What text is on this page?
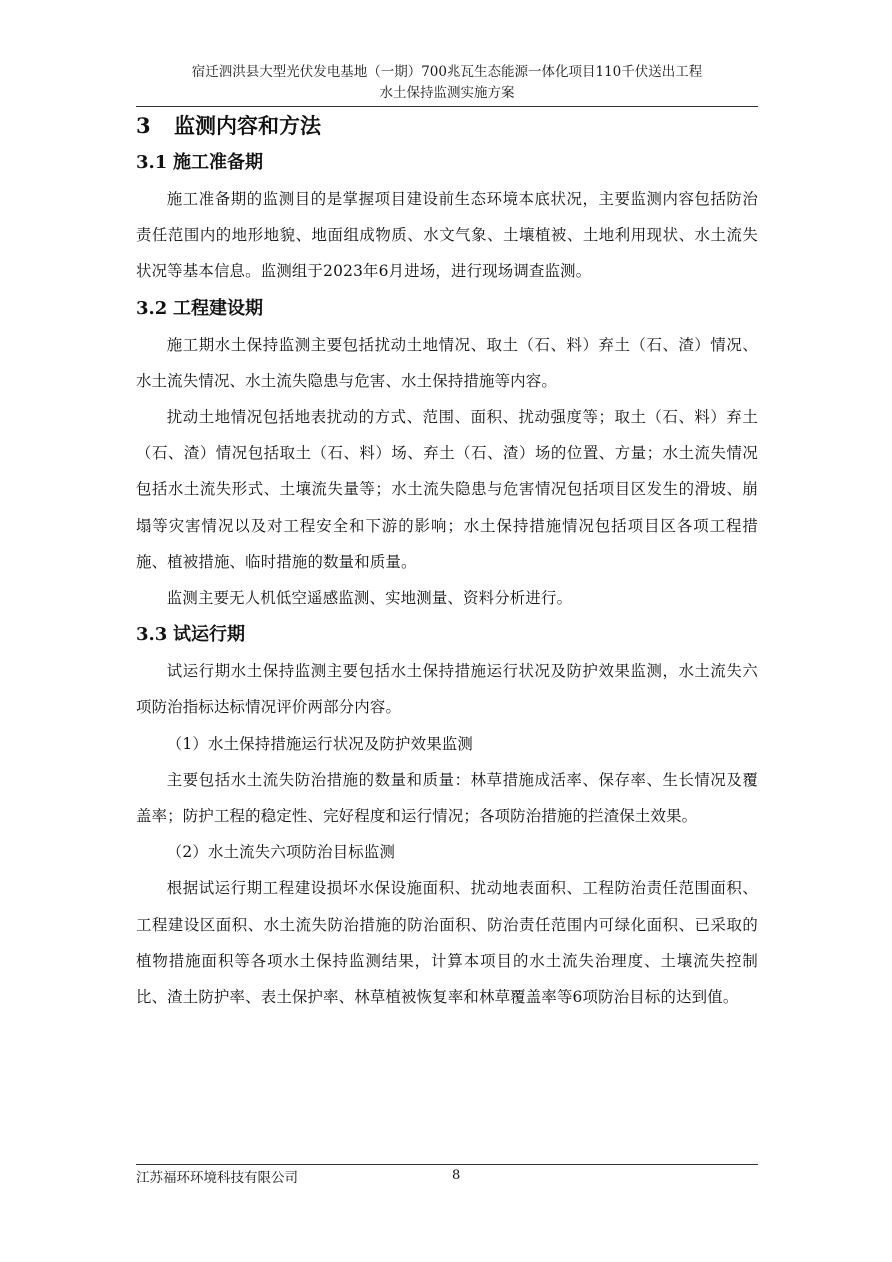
宿迁泗洪县大型光伏发电基地（一期）700兆瓦生态能源一体化项目110千伏送出工程
水土保持监测实施方案
3 监测内容和方法
3.1 施工准备期

施工准备期的监测目的是掌握项目建设前生态环境本底状况，主要监测内容包括防治责任范围内的地形地貌、地面组成物质、水文气象、土壤植被、土地利用现状、水土流失状况等基本信息。监测组于2023年6月进场，进行现场调查监测。

3.2 工程建设期

施工期水土保持监测主要包括扰动土地情况、取土（石、料）弃土（石、渣）情况、水土流失情况、水土流失隐患与危害、水土保持措施等内容。

扰动土地情况包括地表扰动的方式、范围、面积、扰动强度等；取土（石、料）弃土（石、渣）情况包括取土（石、料）场、弃土（石、渣）场的位置、方量；水土流失情况包括水土流失形式、土壤流失量等；水土流失隐患与危害情况包括项目区发生的滑坡、崩塌等灾害情况以及对工程安全和下游的影响；水土保持措施情况包括项目区各项工程措施、植被措施、临时措施的数量和质量。

监测主要无人机低空遥感监测、实地测量、资料分析进行。

3.3 试运行期

试运行期水土保持监测主要包括水土保持措施运行状况及防护效果监测，水土流失六项防治指标达标情况评价两部分内容。

（1）水土保持措施运行状况及防护效果监测

主要包括水土流失防治措施的数量和质量：林草措施成活率、保存率、生长情况及覆盖率；防护工程的稳定性、完好程度和运行情况；各项防治措施的拦渣保土效果。

（2）水土流失六项防治目标监测

根据试运行期工程建设损坏水保设施面积、扰动地表面积、工程防治责任范围面积、工程建设区面积、水土流失防治措施的防治面积、防治责任范围内可绿化面积、已采取的植物措施面积等各项水土保持监测结果，计算本项目的水土流失治理度、土壤流失控制比、渣土防护率、表土保护率、林草植被恢复率和林草覆盖率等6项防治目标的达到值。

江苏福环环境科技有限公司	8
